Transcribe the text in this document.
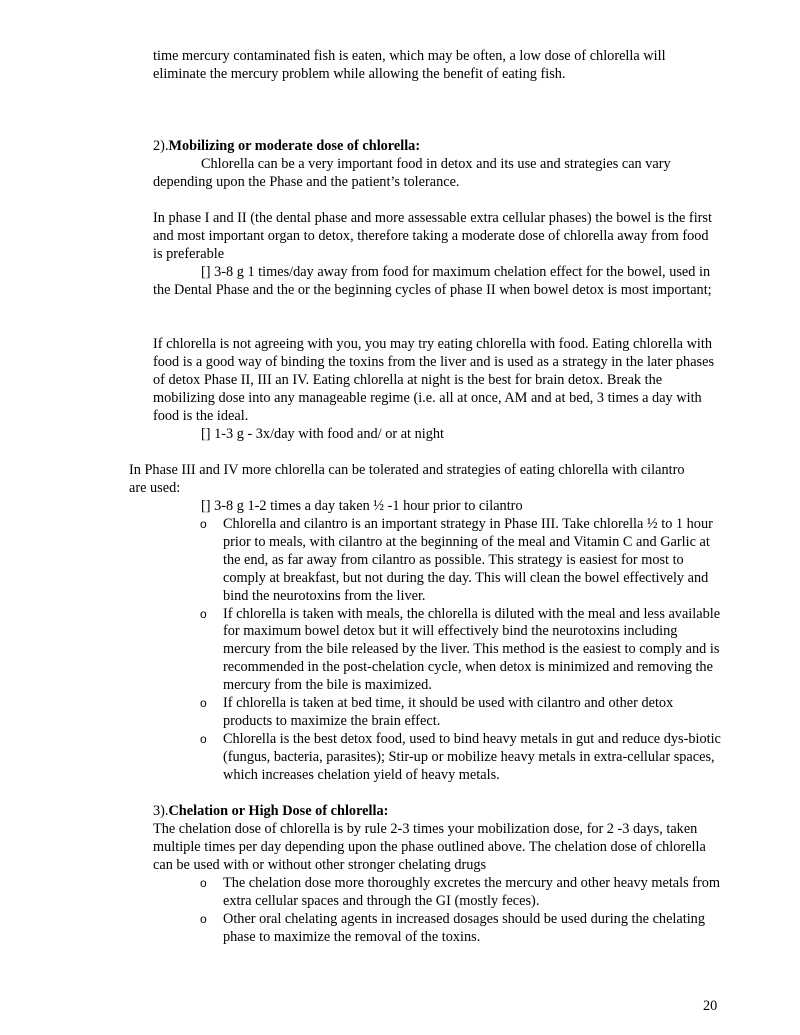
time mercury contaminated fish is eaten, which may be often, a low dose of chlorella will eliminate the mercury problem while allowing the benefit of eating fish.

2).Mobilizing or moderate dose of chlorella:

Chlorella can be a very important food in detox and its use and strategies can vary depending upon the Phase and the patient’s tolerance.

In phase I and II (the dental phase and more assessable extra cellular phases) the bowel is the first and most important organ to detox, therefore taking a moderate dose of chlorella away from food is preferable

[] 3-8 g 1 times/day away from food for maximum chelation effect for the bowel, used in the Dental Phase and the or the beginning cycles of phase II when bowel detox is most important;

If chlorella is not agreeing with you, you may try eating chlorella with food. Eating chlorella with food is a good way of binding the toxins from the liver and is used as a strategy in the later phases of detox Phase II, III an IV. Eating chlorella at night is the best for brain detox. Break the mobilizing dose into any manageable regime (i.e. all at once, AM and at bed, 3 times a day with food is the ideal.

[] 1-3 g - 3x/day with food and/ or at night

In Phase III and IV more chlorella can be tolerated and strategies of eating chlorella with cilantro are used:

[] 3-8 g 1-2 times a day taken ½ -1 hour prior to cilantro

o Chlorella and cilantro is an important strategy in Phase III. Take chlorella ½ to 1 hour prior to meals, with cilantro at the beginning of the meal and Vitamin C and Garlic at the end, as far away from cilantro as possible. This strategy is easiest for most to comply at breakfast, but not during the day. This will clean the bowel effectively and bind the neurotoxins from the liver.
o If chlorella is taken with meals, the chlorella is diluted with the meal and less available for maximum bowel detox but it will effectively bind the neurotoxins including mercury from the bile released by the liver. This method is the easiest to comply and is recommended in the post-chelation cycle, when detox is minimized and removing the mercury from the bile is maximized.
o If chlorella is taken at bed time, it should be used with cilantro and other detox products to maximize the brain effect.
o Chlorella is the best detox food, used to bind heavy metals in gut and reduce dys-biotic (fungus, bacteria, parasites); Stir-up or mobilize heavy metals in extra-cellular spaces, which increases chelation yield of heavy metals.

3).Chelation or High Dose of chlorella:

The chelation dose of chlorella is by rule 2-3 times your mobilization dose, for 2 -3 days, taken multiple times per day depending upon the phase outlined above. The chelation dose of chlorella can be used with or without other stronger chelating drugs

o The chelation dose more thoroughly excretes the mercury and other heavy metals from extra cellular spaces and through the GI (mostly feces).
o Other oral chelating agents in increased dosages should be used during the chelating phase to maximize the removal of the toxins.
20
